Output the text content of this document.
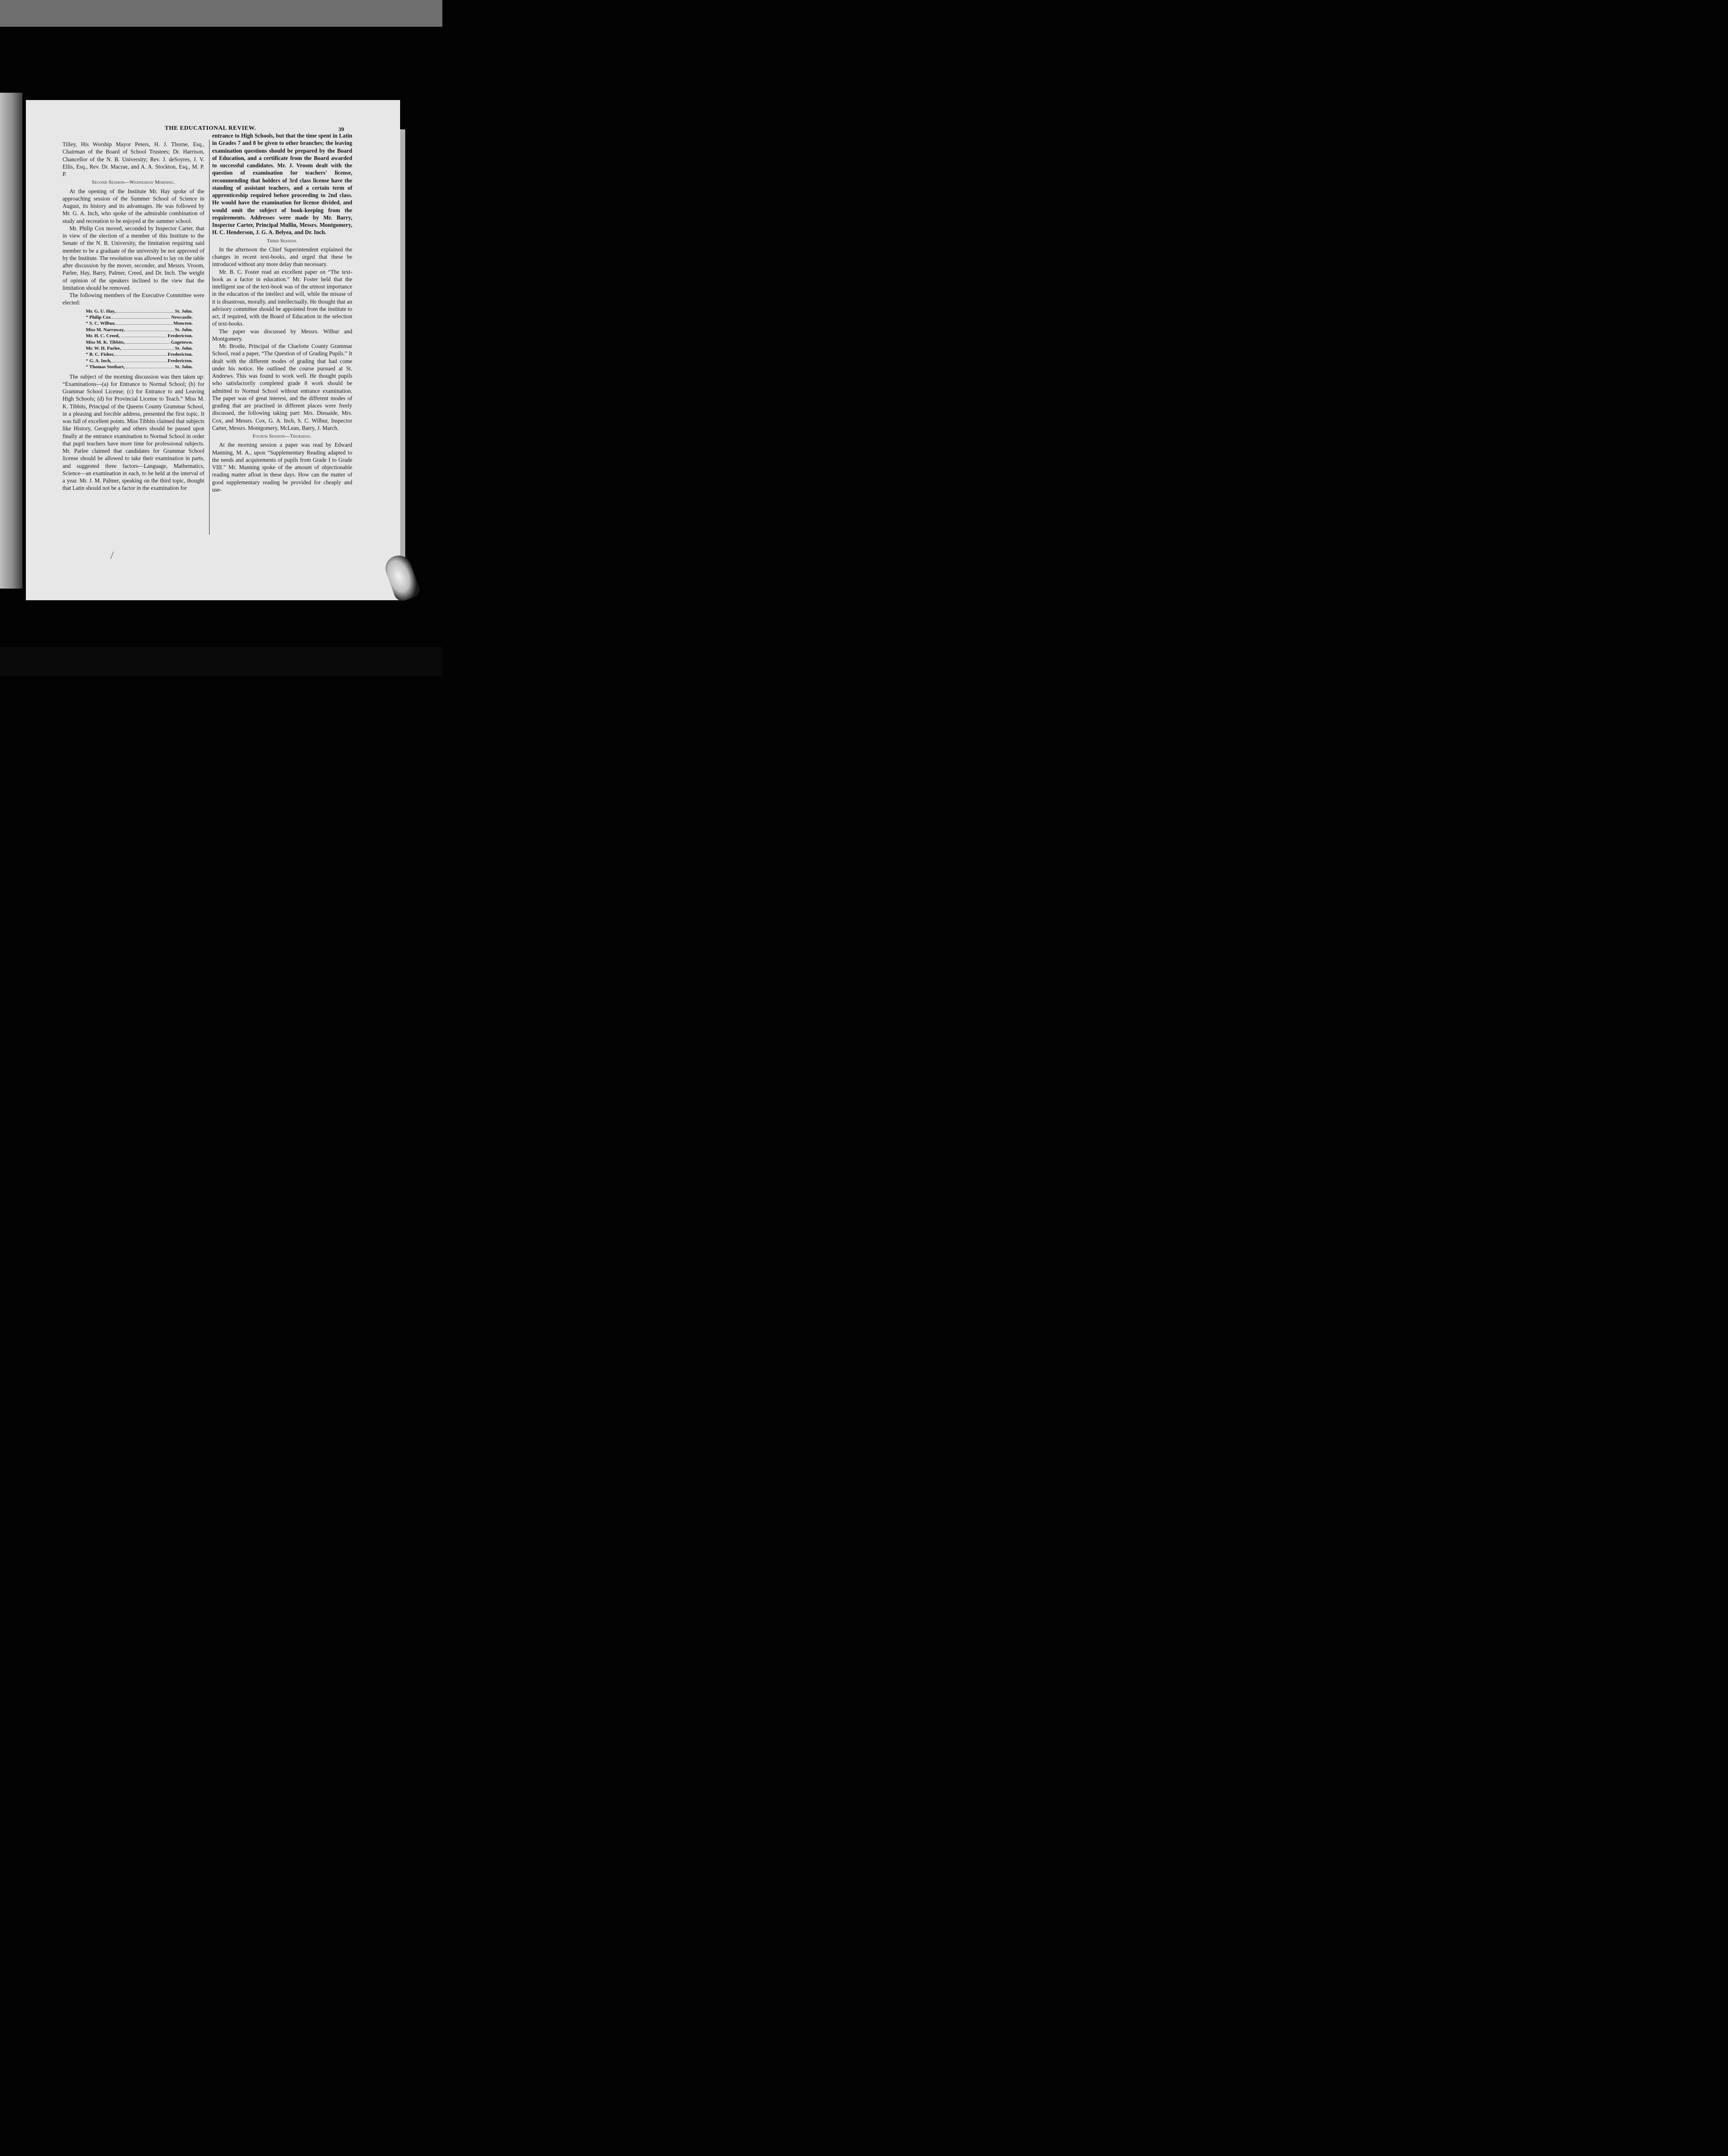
THE EDUCATIONAL REVIEW.	39

Tilley, His Worship Mayor Peters, H. J. Thorne, Esq., Chairman of the Board of School Trustees; Dr. Harrison, Chancellor of the N. B. University; Rev. J. deSoyres, J. V. Ellis, Esq., Rev. Dr. Macrae, and A. A. Stockton, Esq., M. P. P.

Second Session—Wednesday Morning.

At the opening of the Institute Mr. Hay spoke of the approaching session of the Summer School of Science in August, its history and its advantages. He was followed by Mr. G. A. Inch, who spoke of the admirable combination of study and recreation to be enjoyed at the summer school.

Mr. Philip Cox moved, seconded by Inspector Carter, that in view of the election of a member of this Institute to the Senate of the N. B. University, the limitation requiring said member to be a graduate of the university be not approved of by the Institute. The resolution was allowed to lay on the table after discussion by the mover, seconder, and Messrs. Vroom, Parlee, Hay, Barry, Palmer, Creed, and Dr. Inch. The weight of opinion of the speakers inclined to the view that the limitation should be removed.

The following members of the Executive Committee were elected:

Mr. G. U. Hay,	St. John.
“ Philip Cox	Newcastle.
“ S. C. Wilbur,	Moncton.
Miss M. Narraway,	St. John.
Mr. H. C. Creed,	Fredericton.
Miss M. K. Tibbits,	Gagetown.
Mr. W. H. Parlee,	St. John.
“ B. C. Fisher,	Fredericton.
“ G. A. Inch,	Fredericton.
“ Thomas Stothart,	St. John.

The subject of the morning discussion was then taken up: “Examinations—(a) for Entrance to Normal School; (b) for Grammar School License; (c) for Entrance to and Leaving High Schools; (d) for Provincial License to Teach.” Miss M. K. Tibbits, Principal of the Queens County Grammar School, in a pleasing and forcible address, presented the first topic. It was full of excellent points. Miss Tibbits claimed that subjects like History, Geography and others should be passed upon finally at the entrance examination to Normal School in order that pupil teachers have more time for professional subjects. Mr. Parlee claimed that candidates for Grammar School license should be allowed to take their examination in parts, and suggested three factors—Language, Mathematics, Science—an examination in each, to be held at the interval of a year. Mr. J. M. Palmer, speaking on the third topic, thought that Latin should not be a factor in the examination for

entrance to High Schools, but that the time spent in Latin in Grades 7 and 8 be given to other branches; the leaving examination questions should be prepared by the Board of Education, and a certificate from the Board awarded to successful candidates. Mr. J. Vroom dealt with the question of examination for teachers' license, recommending that holders of 3rd class license have the standing of assistant teachers, and a certain term of apprenticeship required before proceeding to 2nd class. He would have the examination for license divided, and would omit the subject of book-keeping from the requirements. Addresses were made by Mr. Barry, Inspector Carter, Principal Mullin, Messrs. Montgomery, H. C. Henderson, J. G. A. Belyea, and Dr. Inch.

Third Session.

In the afternoon the Chief Superintendent explained the changes in recent text-books, and urged that these be introduced without any more delay than necessary.

Mr. B. C. Foster read an excellent paper on “The text-book as a factor in education.” Mr. Foster held that the intelligent use of the text-book was of the utmost importance in the education of the intellect and will, while the misuse of it is disastrous, morally, and intellectually. He thought that an advisory committee should be appointed from the institute to act, if required, with the Board of Education in the selection of text-books.

The paper was discussed by Messrs. Wilbur and Montgomery.

Mr. Brodie, Principal of the Charlotte County Grammar School, read a paper, “The Question of of Grading Pupils.” It dealt with the different modes of grading that had come under his notice. He outlined the course pursued at St. Andrews. This was found to work well. He thought pupils who satisfactorily completed grade 8 work should be admitted to Normal School without entrance examination. The paper was of great interest, and the different modes of grading that are practised in different places were freely discussed, the following taking part: Mrs. Dieuaide, Mrs. Cox, and Messrs. Cox, G. A. Inch, S. C. Wilbur, Inspector Carter, Messrs. Montgomery, McLean, Barry, J. March.

Fourth Session—Thursday.

At the morning session a paper was read by Edward Manning, M. A., upon “Supplementary Reading adapted to the needs and acquirements of pupils from Grade I to Grade VIII.” Mr. Manning spoke of the amount of objectionable reading matter afloat in these days. How can the matter of good supplementary reading be provided for cheaply and use-

⁄
